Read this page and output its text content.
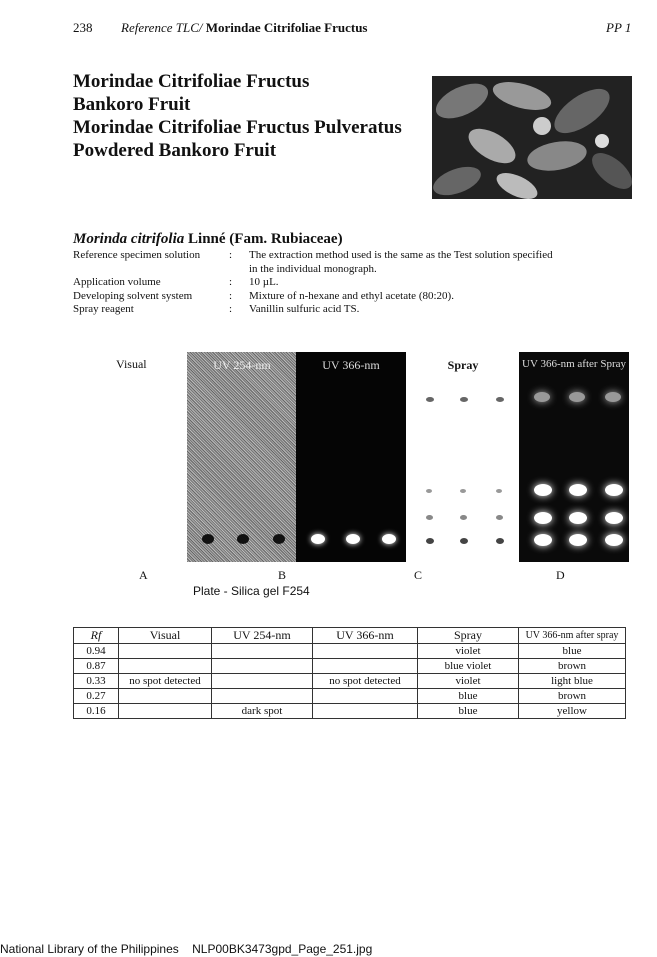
238 Reference TLC/ Morindae Citrifoliae Fructus	PP 1
Morindae Citrifoliae Fructus
Bankoro Fruit
Morindae Citrifoliae Fructus Pulveratus
Powdered Bankoro Fruit
Morinda citrifolia Linné (Fam. Rubiaceae)
Reference specimen solution	:	The extraction method used is the same as the Test solution specified
in the individual monograph.
Application volume	:	10 µL.
Developing solvent system	:	Mixture of n-hexane and ethyl acetate (80:20).
Spray reagent	:	Vanillin sulfuric acid TS.
Visual	UV 254-nm	UV 366-nm	Spray	UV 366-nm after Spray
A	B	C	D
Plate - Silica gel F254
Rf	Visual	UV 254-nm	UV 366-nm	Spray	UV 366-nm after spray
0.94				violet	blue
0.87				blue violet	brown
0.33	no spot detected		no spot detected	violet	light blue
0.27				blue	brown
0.16		dark spot		blue	yellow
National Library of the Philippines NLP00BK3473gpd_Page_251.jpg
